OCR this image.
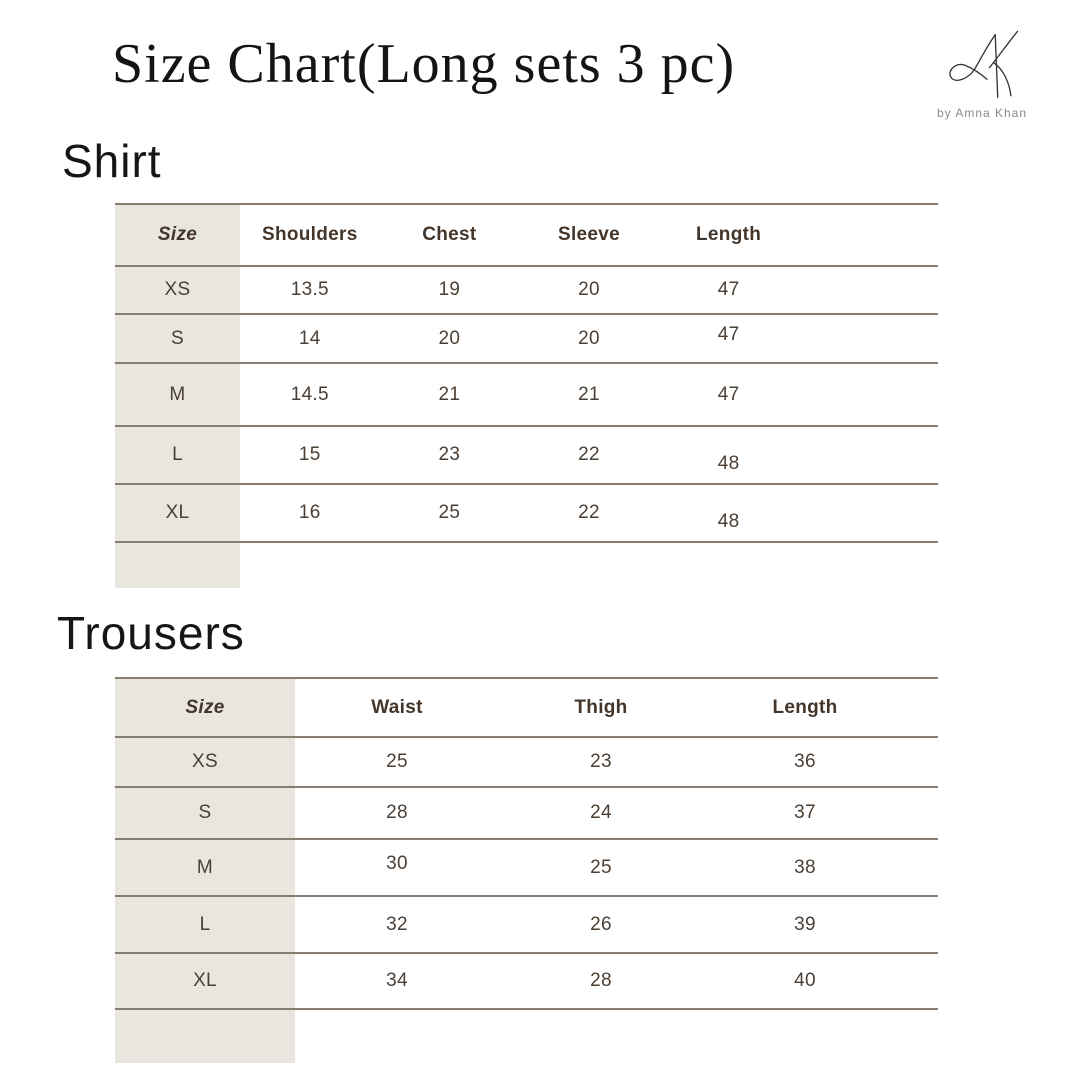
Size Chart(Long sets 3 pc)
by Amna Khan
Shirt
Size	Shoulders	Chest	Sleeve	Length
XS	13.5	19	20	47
S	14	20	20	47
M	14.5	21	21	47
L	15	23	22	48
XL	16	25	22	48
Trousers
Size	Waist	Thigh	Length
XS	25	23	36
S	28	24	37
M	30	25	38
L	32	26	39
XL	34	28	40
